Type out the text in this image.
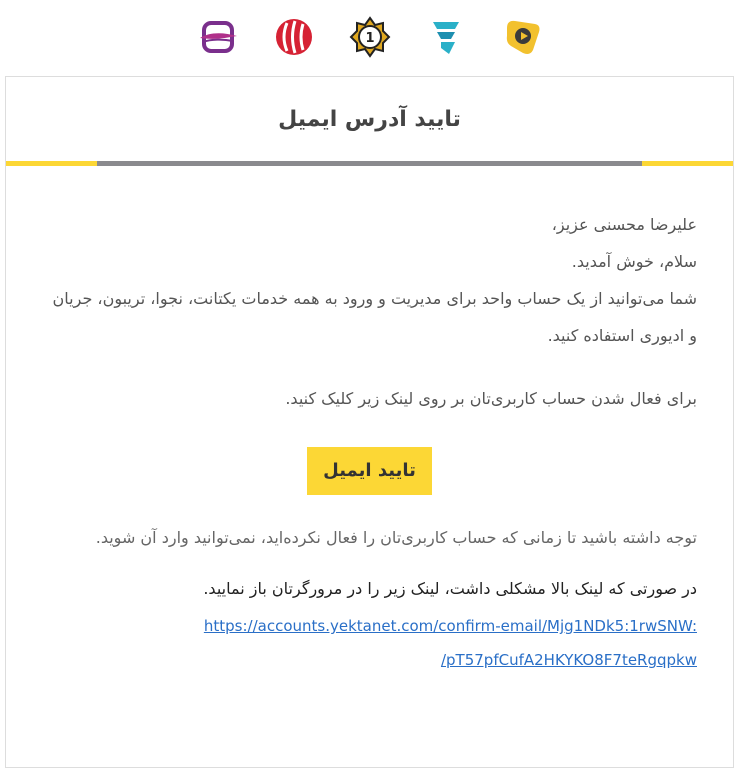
1
تایید آدرس ایمیل

علیرضا محسنی عزیز،

سلام، خوش آمدید.

شما می‌توانید از یک حساب واحد برای مدیریت و ورود به همه خدمات یکتانت، نجوا، تریبون، جریان و ادیوری استفاده کنید.

برای فعال شدن حساب کاربری‌تان بر روی لینک زیر کلیک کنید.

تایید ایمیل

توجه داشته باشید تا زمانی که حساب کاربری‌تان را فعال نکرده‌اید، نمی‌توانید وارد آن شوید.

در صورتی که لینک بالا مشکلی داشت، لینک زیر را در مرورگرتان باز نمایید.

https://accounts.yektanet.com/confirm-email/Mjg1NDk5:1rwSNW:
/pT57pfCufA2HKYKO8F7teRgqpkw
